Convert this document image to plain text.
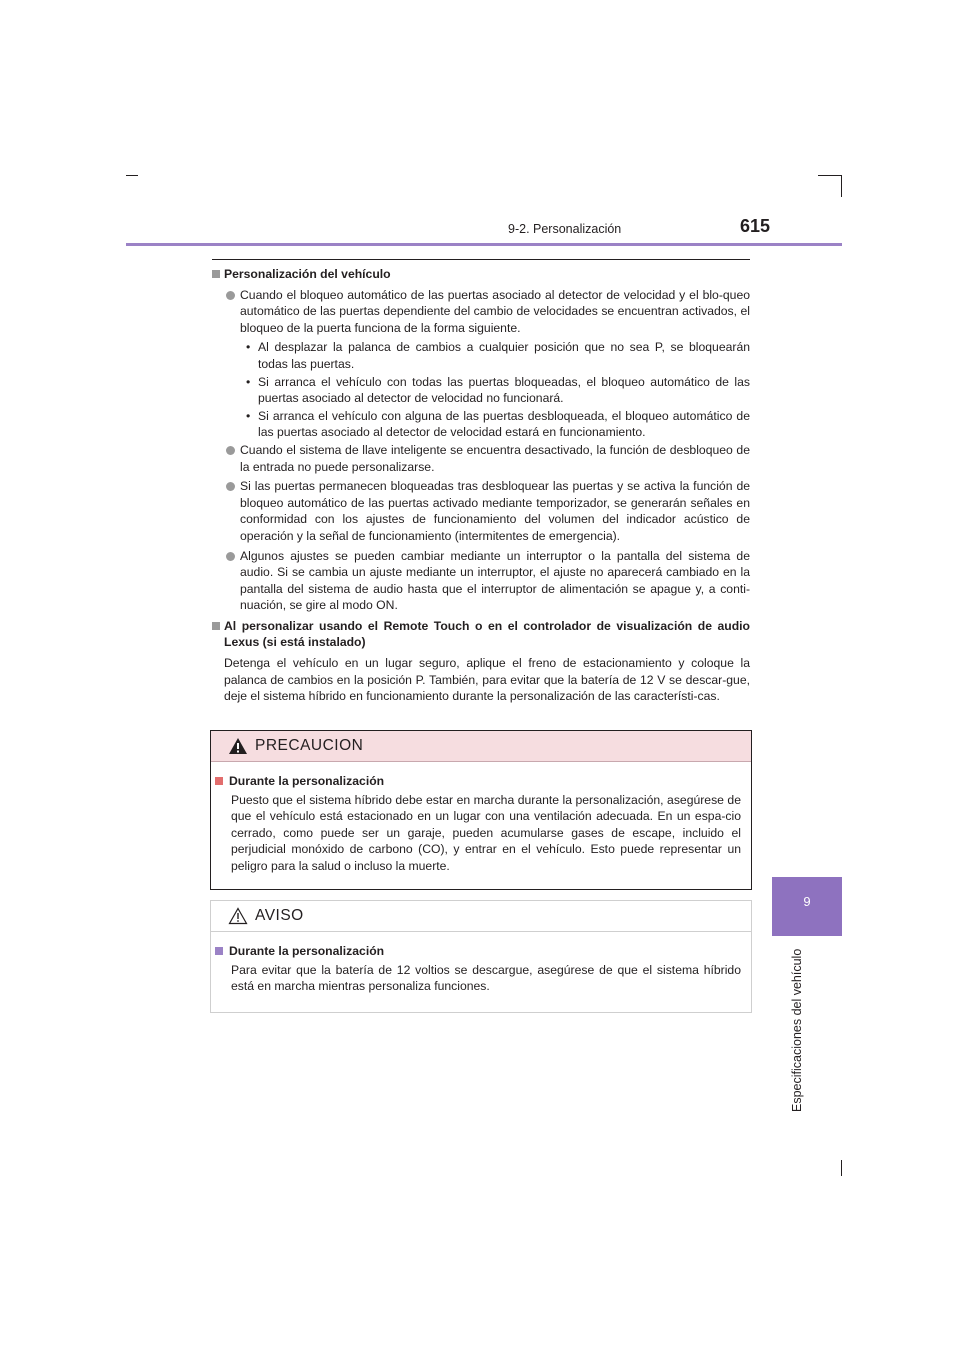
9-2. Personalización	615
9
Especificaciones del vehículo
Personalización del vehículo
Cuando el bloqueo automático de las puertas asociado al detector de velocidad y el blo-queo automático de las puertas dependiente del cambio de velocidades se encuentran activados, el bloqueo de la puerta funciona de la forma siguiente.
• Al desplazar la palanca de cambios a cualquier posición que no sea P, se bloquearán todas las puertas.
• Si arranca el vehículo con todas las puertas bloqueadas, el bloqueo automático de las puertas asociado al detector de velocidad no funcionará.
• Si arranca el vehículo con alguna de las puertas desbloqueada, el bloqueo automático de las puertas asociado al detector de velocidad estará en funcionamiento.
Cuando el sistema de llave inteligente se encuentra desactivado, la función de desbloqueo de la entrada no puede personalizarse.
Si las puertas permanecen bloqueadas tras desbloquear las puertas y se activa la función de bloqueo automático de las puertas activado mediante temporizador, se generarán señales en conformidad con los ajustes de funcionamiento del volumen del indicador acústico de operación y la señal de funcionamiento (intermitentes de emergencia).
Algunos ajustes se pueden cambiar mediante un interruptor o la pantalla del sistema de audio. Si se cambia un ajuste mediante un interruptor, el ajuste no aparecerá cambiado en la pantalla del sistema de audio hasta que el interruptor de alimentación se apague y, a conti-nuación, se gire al modo ON.
Al personalizar usando el Remote Touch o en el controlador de visualización de audio Lexus (si está instalado)
Detenga el vehículo en un lugar seguro, aplique el freno de estacionamiento y coloque la palanca de cambios en la posición P. También, para evitar que la batería de 12 V se descar-gue, deje el sistema híbrido en funcionamiento durante la personalización de las característi-cas.
PRECAUCION
Durante la personalización
Puesto que el sistema híbrido debe estar en marcha durante la personalización, asegúrese de que el vehículo está estacionado en un lugar con una ventilación adecuada. En un espa-cio cerrado, como puede ser un garaje, pueden acumularse gases de escape, incluido el perjudicial monóxido de carbono (CO), y entrar en el vehículo. Esto puede representar un peligro para la salud o incluso la muerte.
AVISO
Durante la personalización
Para evitar que la batería de 12 voltios se descargue, asegúrese de que el sistema híbrido está en marcha mientras personaliza funciones.
